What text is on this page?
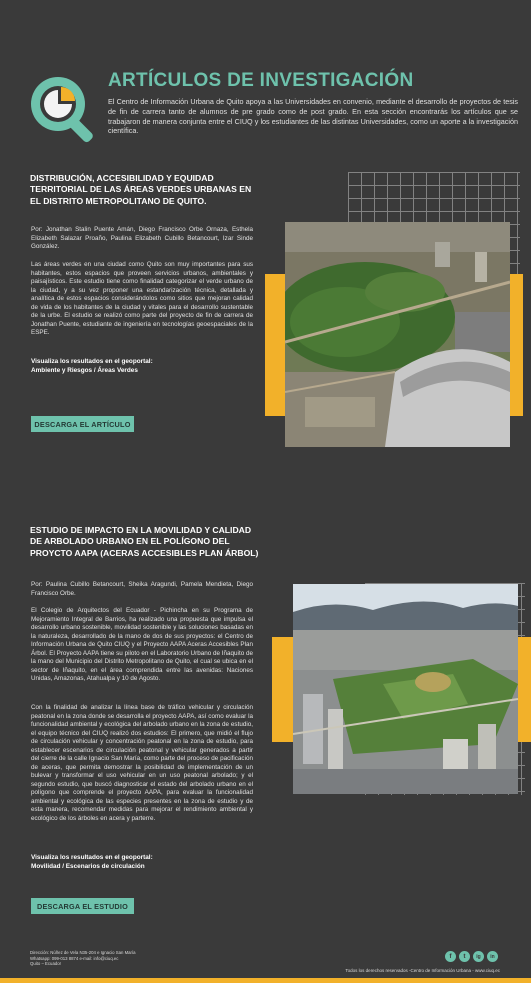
ARTÍCULOS DE INVESTIGACIÓN
El Centro de Información Urbana de Quito apoya a las Universidades en convenio, mediante el desarrollo de proyectos de tesis de fin de carrera tanto de alumnos de pre grado como de post grado. En esta sección encontrarás los artículos que se trabajaron de manera conjunta entre el CIUQ y los estudiantes de las distintas Universidades, como un aporte a la investigación científica.
DISTRIBUCIÓN, ACCESIBILIDAD Y EQUIDAD TERRITORIAL DE LAS ÁREAS VERDES URBANAS EN EL DISTRITO METROPOLITANO DE QUITO.
Por: Jonathan Stalin Puente Amán, Diego Francisco Orbe Ornaza, Esthela Elizabeth Salazar Proaño, Paulina Elizabeth Cubillo Betancourt, Izar Sinde González.
Las áreas verdes en una ciudad como Quito son muy importantes para sus habitantes, estos espacios que proveen servicios urbanos, ambientales y paisajísticos. Este estudio tiene como finalidad categorizar el verde urbano de la ciudad, y a su vez proponer una estandarización técnica, detallada y analítica de estos espacios considerándolos como sitios que mejoran calidad de vida de los habitantes de la ciudad y vitales para el desarrollo sustentable de la urbe. El estudio se realizó como parte del proyecto de fin de carrera de Jonathan Puente, estudiante de ingeniería en tecnologías geoespaciales de la ESPE.
Visualiza los resultados en el geoportal:
Ambiente y Riesgos / Áreas Verdes
DESCARGA EL ARTÍCULO
ESTUDIO DE IMPACTO EN LA MOVILIDAD Y CALIDAD DE ARBOLADO URBANO EN EL POLÍGONO DEL PROYCTO AAPA (ACERAS ACCESIBLES PLAN ÁRBOL)
Por: Paulina Cubillo Betancourt, Sheika Aragundi, Pamela Mendieta, Diego Francisco Orbe.
El Colegio de Arquitectos del Ecuador - Pichincha en su Programa de Mejoramiento Integral de Barrios, ha realizado una propuesta que impulsa el desarrollo urbano sostenible, movilidad sostenible y las soluciones basadas en la naturaleza, desarrollado de la mano de dos de sus proyectos: el Centro de Información Urbana de Quito CIUQ y el Proyecto AAPA Aceras Accesibles Plan Árbol. El Proyecto AAPA tiene su piloto en el Laboratorio Urbano de Iñaquito de la mano del Municipio del Distrito Metropolitano de Quito, el cual se ubica en el sector de Iñaquito, en el área comprendida entre las avenidas: Naciones Unidas, Amazonas, Atahualpa y 10 de Agosto.
Con la finalidad de analizar la línea base de tráfico vehicular y circulación peatonal en la zona donde se desarrolla el proyecto AAPA, así como evaluar la funcionalidad ambiental y ecológica del arbolado urbano en la zona de estudio, el equipo técnico del CIUQ realizó dos estudios: El primero, que midió el flujo de circulación vehicular y concentración peatonal en la zona de estudio, para establecer escenarios de circulación peatonal y vehicular generados a partir del cierre de la calle Ignacio San María, como parte del proceso de pacificación de aceras, que permita demostrar la posibilidad de implementación de un bulevar y transformar el uso vehicular en un uso peatonal arbolado; y el segundo estudio, que buscó diagnosticar el estado del arbolado urbano en el polígono que comprende el proyecto AAPA, para evaluar la funcionalidad ambiental y ecológica de las especies presentes en la zona de estudio y de esta manera, recomendar medidas para mejorar el rendimiento ambiental y ecológico de los árboles en acera y parterre.
Visualiza los resultados en el geoportal:
Movilidad / Escenarios de circulación
DESCARGA EL ESTUDIO
Dirección: Núñez de Vela N35-204 e Ignacio San María
Whatsapp: 099-013 8874 e-mail: info@ciuq.ec
Quito – Ecuador
f	t	ig	in
Todos los derechos reservados -Centro de Información Urbana - www.ciuq.ec
